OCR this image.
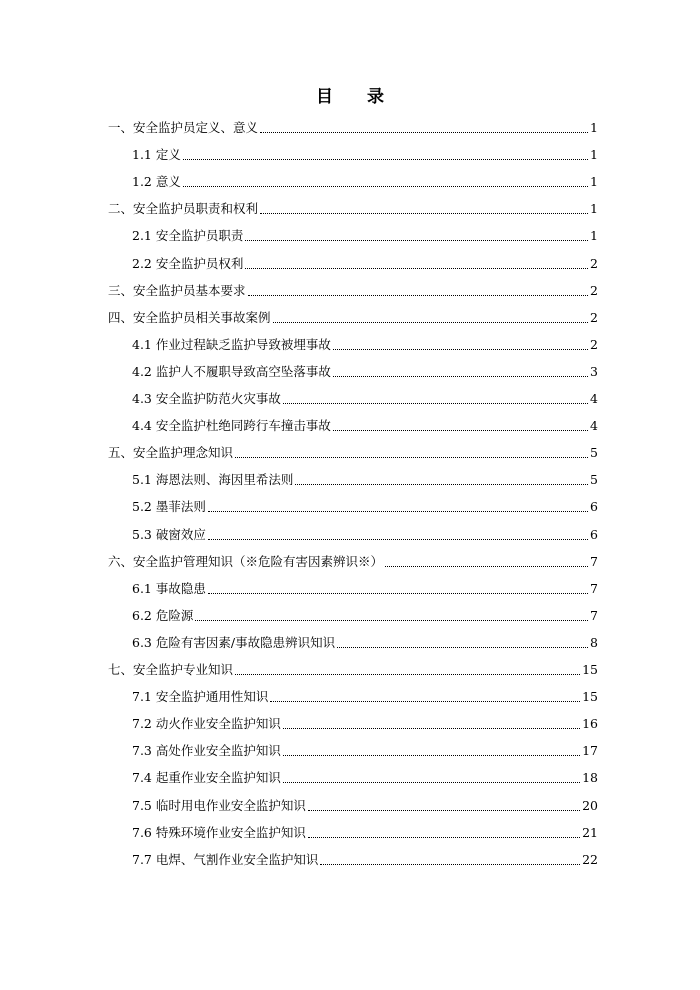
目 录
一、安全监护员定义、意义	1
1.1 定义	1
1.2 意义	1
二、安全监护员职责和权利	1
2.1 安全监护员职责	1
2.2 安全监护员权利	2
三、安全监护员基本要求	2
四、安全监护员相关事故案例	2
4.1 作业过程缺乏监护导致被埋事故	2
4.2 监护人不履职导致高空坠落事故	3
4.3 安全监护防范火灾事故	4
4.4 安全监护杜绝同跨行车撞击事故	4
五、安全监护理念知识	5
5.1 海恩法则、海因里希法则	5
5.2 墨菲法则	6
5.3 破窗效应	6
六、安全监护管理知识（※危险有害因素辨识※）	7
6.1 事故隐患	7
6.2 危险源	7
6.3 危险有害因素/事故隐患辨识知识	8
七、安全监护专业知识	15
7.1 安全监护通用性知识	15
7.2 动火作业安全监护知识	16
7.3 高处作业安全监护知识	17
7.4 起重作业安全监护知识	18
7.5 临时用电作业安全监护知识	20
7.6 特殊环境作业安全监护知识	21
7.7 电焊、气割作业安全监护知识	22
